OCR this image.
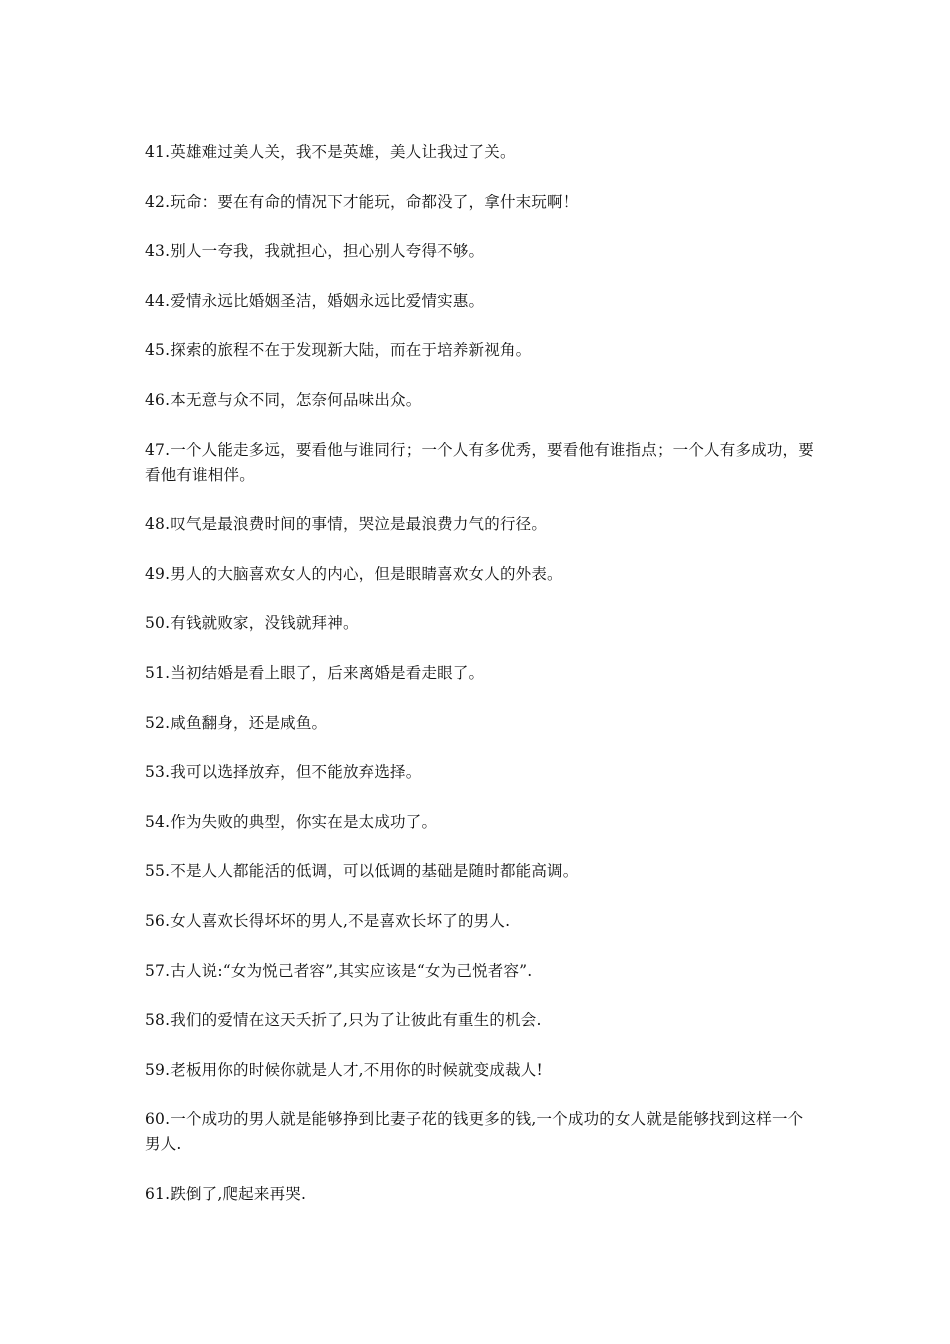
41.英雄难过美人关，我不是英雄，美人让我过了关。

42.玩命：要在有命的情况下才能玩，命都没了，拿什末玩啊！

43.别人一夸我，我就担心，担心别人夸得不够。

44.爱情永远比婚姻圣洁，婚姻永远比爱情实惠。

45.探索的旅程不在于发现新大陆，而在于培养新视角。

46.本无意与众不同，怎奈何品味出众。

47.一个人能走多远，要看他与谁同行；一个人有多优秀，要看他有谁指点；一个人有多成功，要看他有谁相伴。

48.叹气是最浪费时间的事情，哭泣是最浪费力气的行径。

49.男人的大脑喜欢女人的内心，但是眼睛喜欢女人的外表。

50.有钱就败家，没钱就拜神。

51.当初结婚是看上眼了，后来离婚是看走眼了。

52.咸鱼翻身，还是咸鱼。

53.我可以选择放弃，但不能放弃选择。

54.作为失败的典型，你实在是太成功了。

55.不是人人都能活的低调，可以低调的基础是随时都能高调。

56.女人喜欢长得坏坏的男人,不是喜欢长坏了的男人.

57.古人说:“女为悦己者容”,其实应该是“女为己悦者容”.

58.我们的爱情在这天夭折了,只为了让彼此有重生的机会.

59.老板用你的时候你就是人才,不用你的时候就变成裁人!

60.一个成功的男人就是能够挣到比妻子花的钱更多的钱,一个成功的女人就是能够找到这样一个男人.

61.跌倒了,爬起来再哭.
